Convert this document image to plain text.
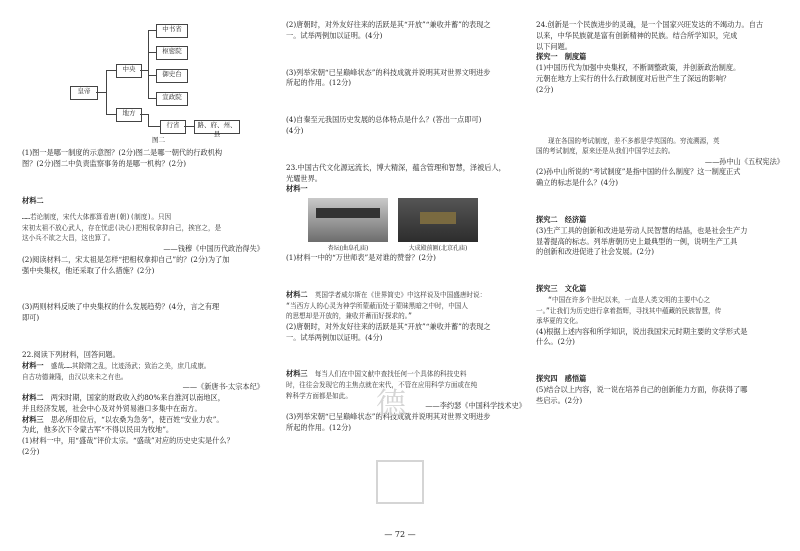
皇帝
中央
地方
中书省
枢密院
御史台
宣政院
行省	路、府、州、县
图二

(1)图一是哪一制度的示意图？(2分)图二是哪一朝代的行政机构

图？(2分)图二中负责监察事务的是哪一机构？(2分)

材料二

……若论制度，宋代大体都算看唐(朝)(制度)。只因

宋初太祖不放心武人，存在忧虑(决心)把相权拿抑自己，挨宫之，是

这小兵不欲之大昌，这也算了。

——钱穆《中国历代政治得失》

(2)阅读材料二，宋太祖是怎样“把相权拿抑自己”的？(2分)为了加

强中央集权，他还采取了什么措施？(2分)

(3)两则材料反映了中央集权的什么发展趋势？(4分，言之有理

即可)

22.阅读下列材料，回答问题。

材料一　 盛哉……其除隋之乱，比迹汤武；致治之美，庶几成康。

自古功德兼隆，由汉以来未之有也。

——《新唐书·太宗本纪》

材料二　 两宋时期，国家的财政收入约80%来自淮河以南地区，

并且经济发展，社会中心及对外贸易港口多集中在南方。

材料三　 思必所即位后，“以农桑为急务”，使百姓“安业力农”。

为此，他多次下令蒙古军“不得以民田为牧地”。

(1)材料一中，用“盛哉”评价太宗。“盛哉”对应的历史史实是什么？

(2分)

(2)唐朝时，对外友好往来的活跃是其“开放”“兼收并蓄”的表现之

一。试举两例加以证明。(4分)

(3)列举宋朝“已呈巅峰状态”的科技成就并说明其对世界文明进步

所起的作用。(12分)

(4)自秦至元我国历史发展的总体特点是什么？(答出一点即可)

(4分)

23.中国古代文化源远流长，博大精深，蕴含管理和智慧，泽被后人，

光耀世界。

材料一

杏坛(曲阜孔庙)	大成殿前匾(北京孔庙)

(1)材料一中的“万世师表”是对谁的赞誉？(2分)

材料二　 英国学者威尔斯在《世界简史》中这样说及中国盛唐时说：

“当西方人的心灵为神学所蒙蔽而处于蒙昧黑暗之中时，中国人

的思想却是开放的，兼收并蓄而好探求的。”

(2)唐朝时，对外友好往来的活跃是其“开放”“兼收并蓄”的表现之

一。试举两例加以证明。(4分)

材料三　 每当人们在中国文献中查找任何一个具体的科技史料

时，往往会发现它的主焦点就在宋代，不管在应用科学方面或在纯

粹科学方面都是如此。

——李约瑟《中国科学技术史》

(3)列举宋朝“已呈巅峰状态”的科技成就并说明其对世界文明进步

所起的作用。(12分)

24.创新是一个民族进步的灵魂，是一个国家兴旺发达的不竭动力。自古

以来，中华民族就是富有创新精神的民族。结合所学知识，完成

以下问题。

探究一　制度篇

(1)中国历代为加强中央集权，不断调整政策，并创新政治制度。

元朝在地方上实行的什么行政制度对后世产生了深远的影响？

(2分)

现在各国的考试制度，差不多都是学英国的。穷流溯源，英

国的考试制度，原来还是从我们中国学过去的。

——孙中山《五权宪法》

(2)孙中山所说的“考试制度”是指中国的什么制度？这一制度正式

确立的标志是什么？(4分)

探究二　经济篇

(3)生产工具的创新和改进是劳动人民智慧的结晶，也是社会生产力

显著提高的标志。列举唐朝历史上最典型的一例，说明生产工具

的创新和改进促进了社会发展。(2分)

探究三　文化篇

“中国在许多个世纪以来，一直是人类文明的主要中心之

一。”让我们为历史进行拿着指辉，寻找其中蕴藏的民族智慧，传

承华夏的文化。

(4)根据上述内容和所学知识，说出我国宋元时期主要的文学形式是

什么。(2分)

探究四　感悟篇

(5)结合以上内容，说一说在培养自己的创新能力方面，你获得了哪

些启示。(2分)

德
— 72 —
